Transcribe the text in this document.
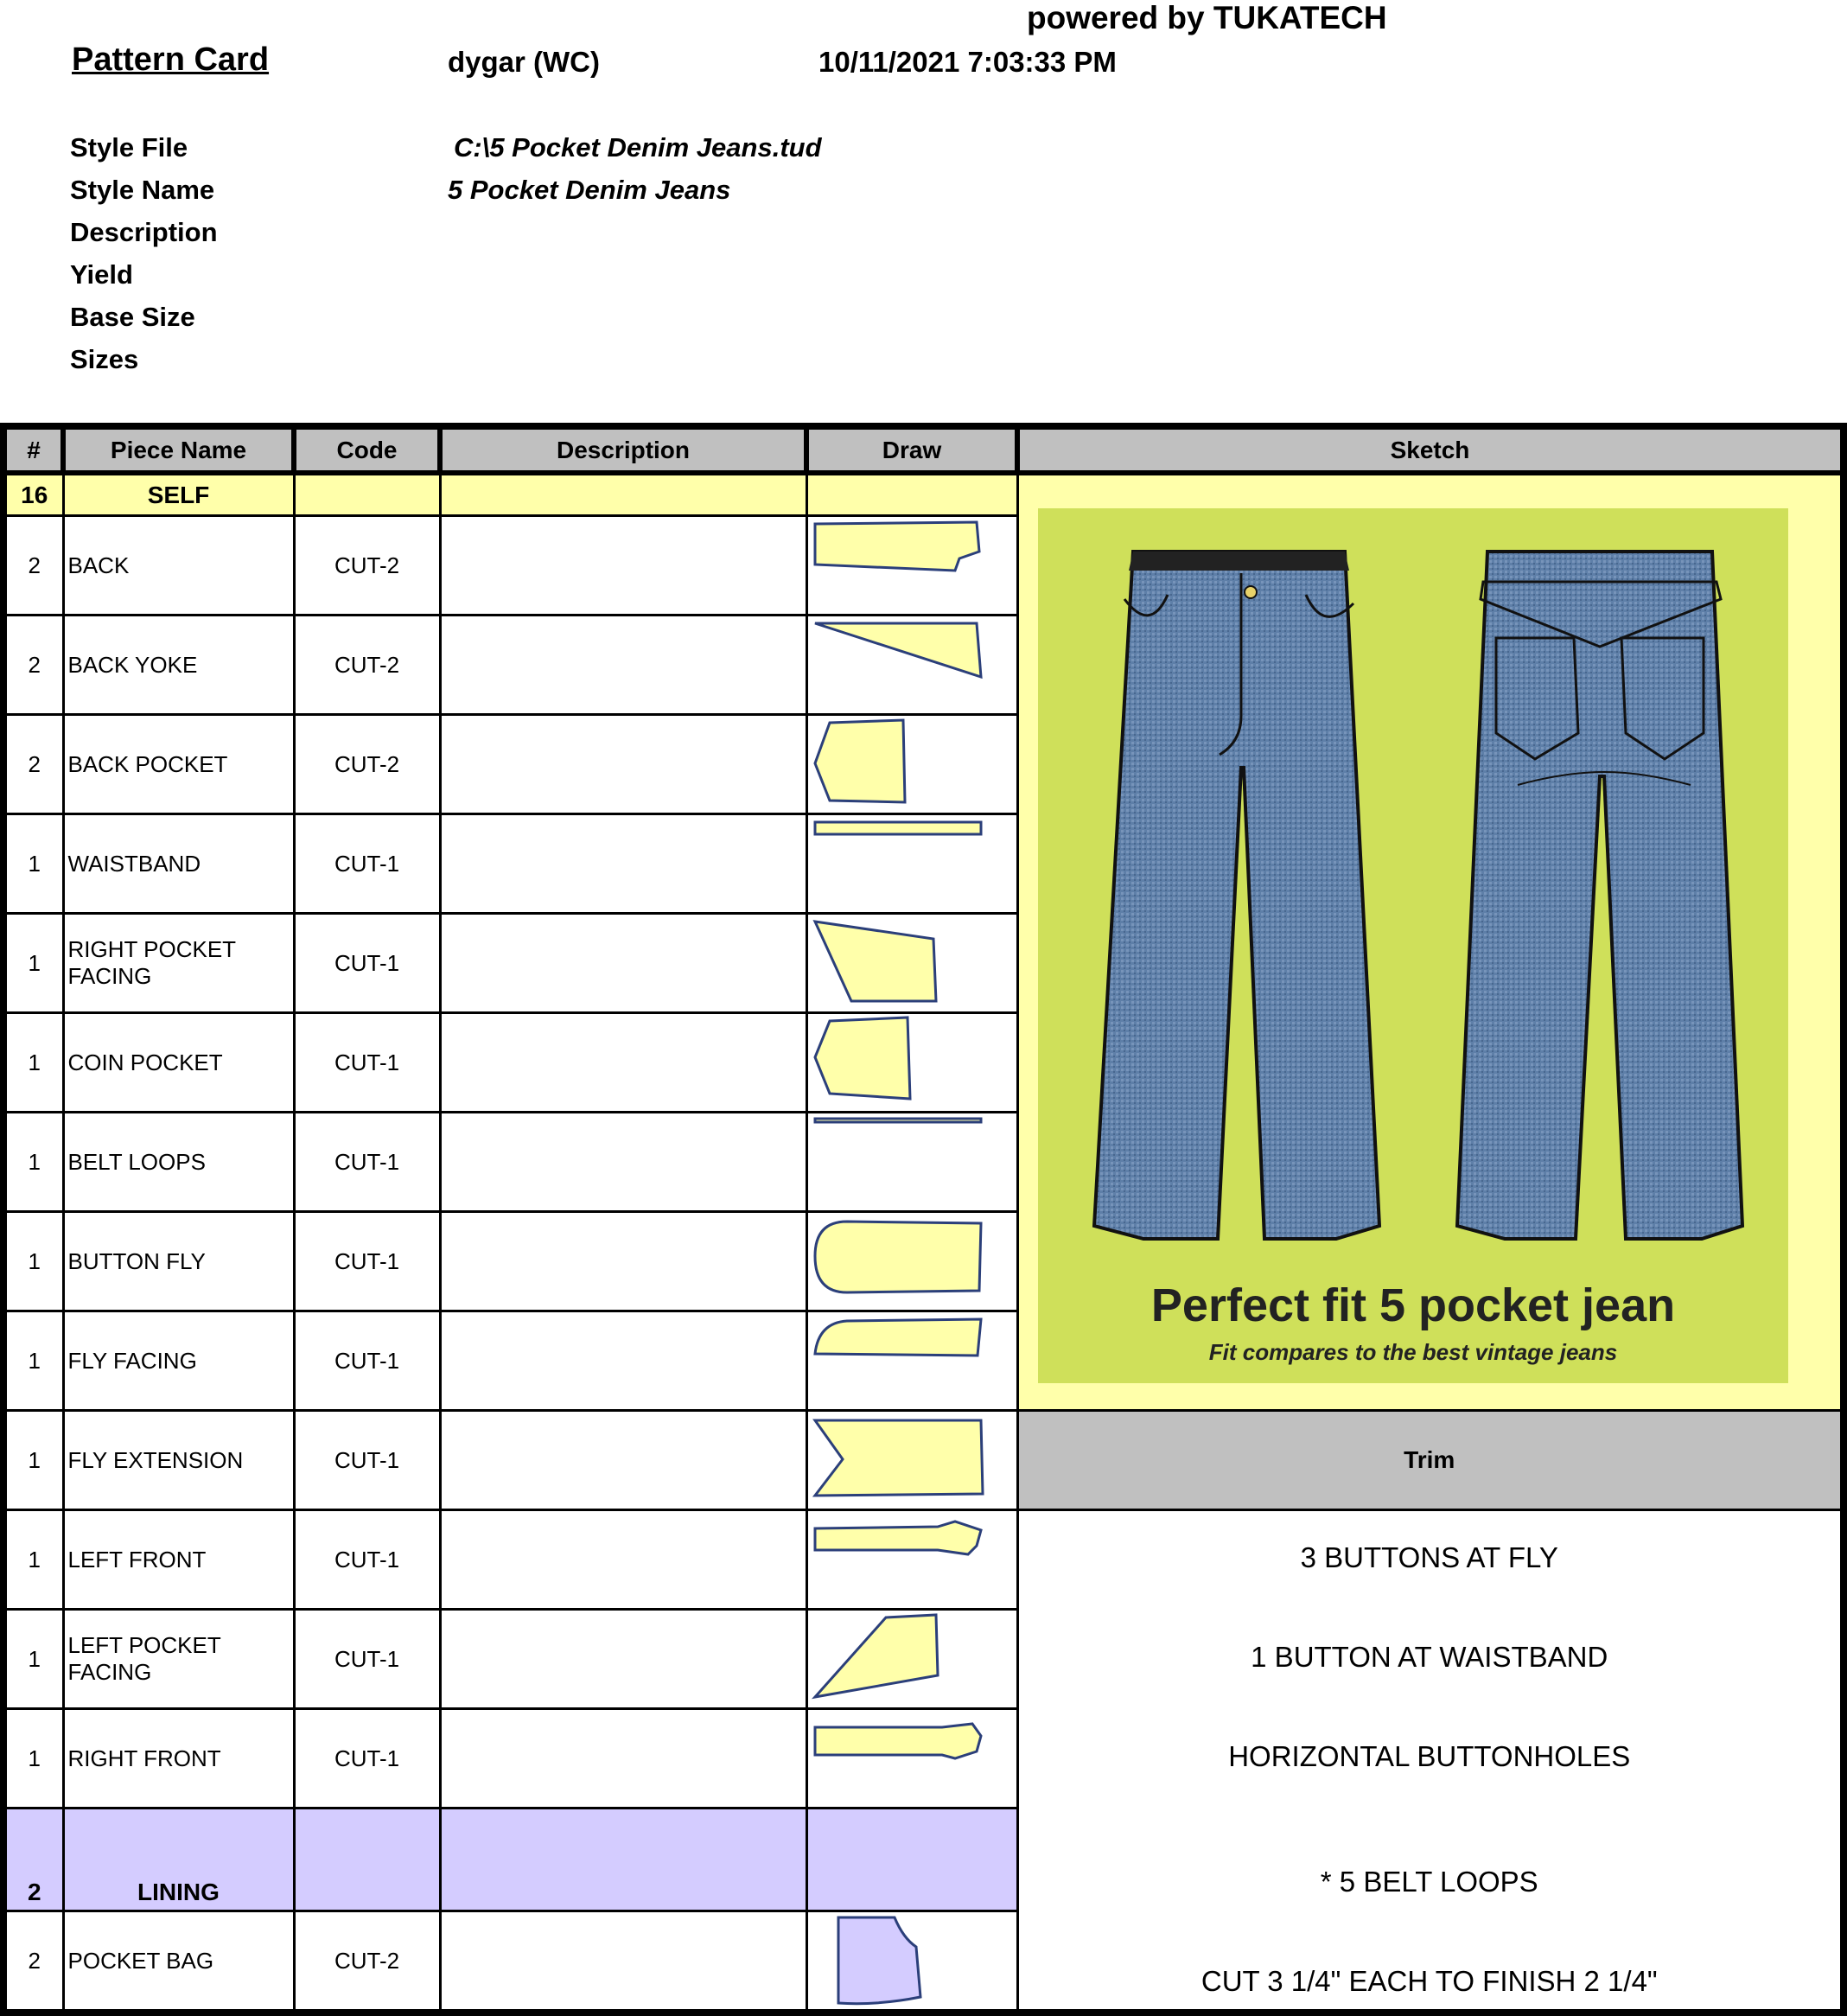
powered by TUKATECH
Pattern Card	dygar (WC)	10/11/2021 7:03:33 PM
Style File	C:\5 Pocket Denim Jeans.tud
Style Name	5 Pocket Denim Jeans
Description
Yield
Base Size
Sizes
#	Piece Name	Code	Description	Draw	Sketch
16	SELF				Perfect fit 5 pocket jean
Fit compares to the best vintage jeans

2	BACK	CUT-2		

2	BACK YOKE	CUT-2		

2	BACK POCKET	CUT-2		

1	WAISTBAND	CUT-1		

1	RIGHT POCKET FACING	CUT-1		

1	COIN POCKET	CUT-1		

1	BELT LOOPS	CUT-1		

1	BUTTON FLY	CUT-1		

1	FLY FACING	CUT-1		

1	FLY EXTENSION	CUT-1			Trim
1	LEFT FRONT	CUT-1			3 BUTTONS AT FLY
1 BUTTON AT WAISTBAND
HORIZONTAL BUTTONHOLES
* 5 BELT LOOPS
CUT 3 1/4" EACH TO FINISH 2 1/4"

1	LEFT POCKET FACING	CUT-1		

1	RIGHT FRONT	CUT-1		

2	LINING				
2	POCKET BAG	CUT-2		
